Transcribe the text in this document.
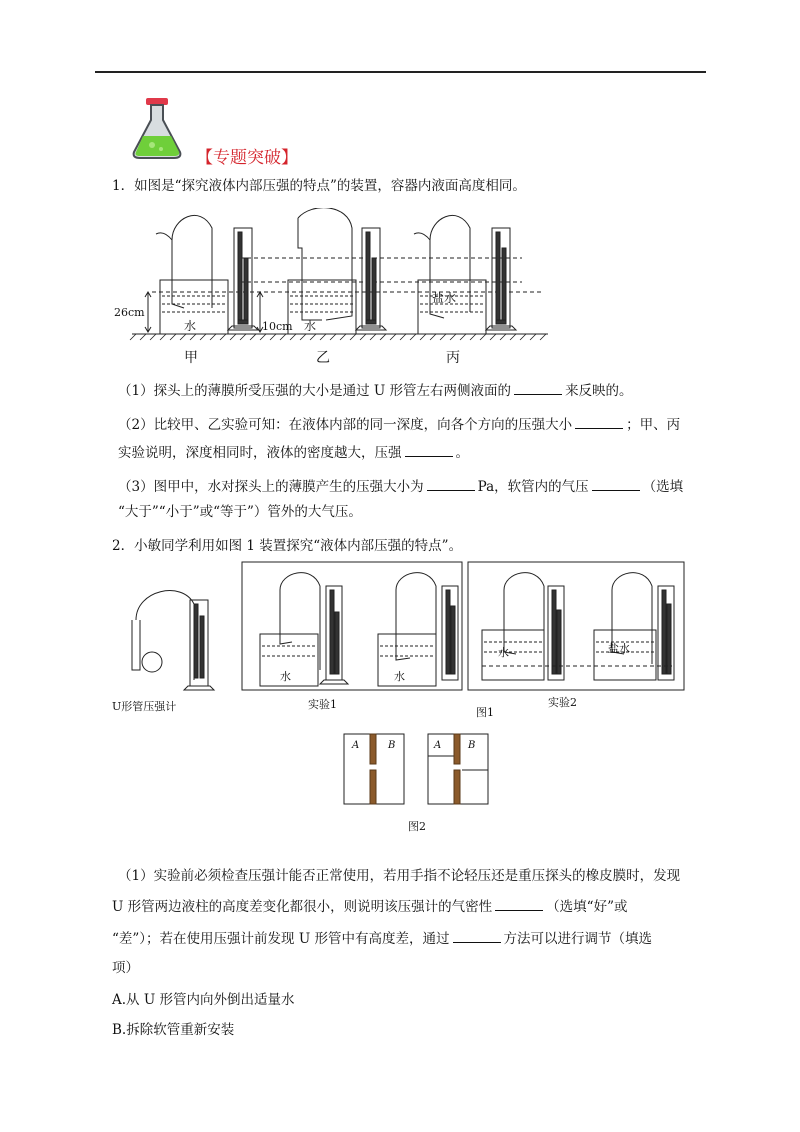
【专题突破】
1．如图是“探究液体内部压强的特点”的装置，容器内液面高度相同。
26cm
10cm
水	水
盐水
甲	乙	丙
（1）探头上的薄膜所受压强的大小是通过 U 形管左右两侧液面的	来反映的。
（2）比较甲、乙实验可知：在液体内部的同一深度，向各个方向的压强大小	；甲、丙
实验说明，深度相同时，液体的密度越大，压强	。
（3）图甲中，水对探头上的薄膜产生的压强大小为	Pa，软管内的气压	（选填
“大于”“小于”或“等于”）管外的大气压。
2．小敏同学利用如图 1 装置探究“液体内部压强的特点”。
U形管压强计	实验1	实验2
图1
图2
水	水
水	盐水
A	B	A	B
（1）实验前必须检查压强计能否正常使用，若用手指不论轻压还是重压探头的橡皮膜时，发现
U 形管两边液柱的高度差变化都很小，则说明该压强计的气密性	（选填“好”或
“差”）；若在使用压强计前发现 U 形管中有高度差，通过	方法可以进行调节（填选
项）
A.从 U 形管内向外倒出适量水
B.拆除软管重新安装
